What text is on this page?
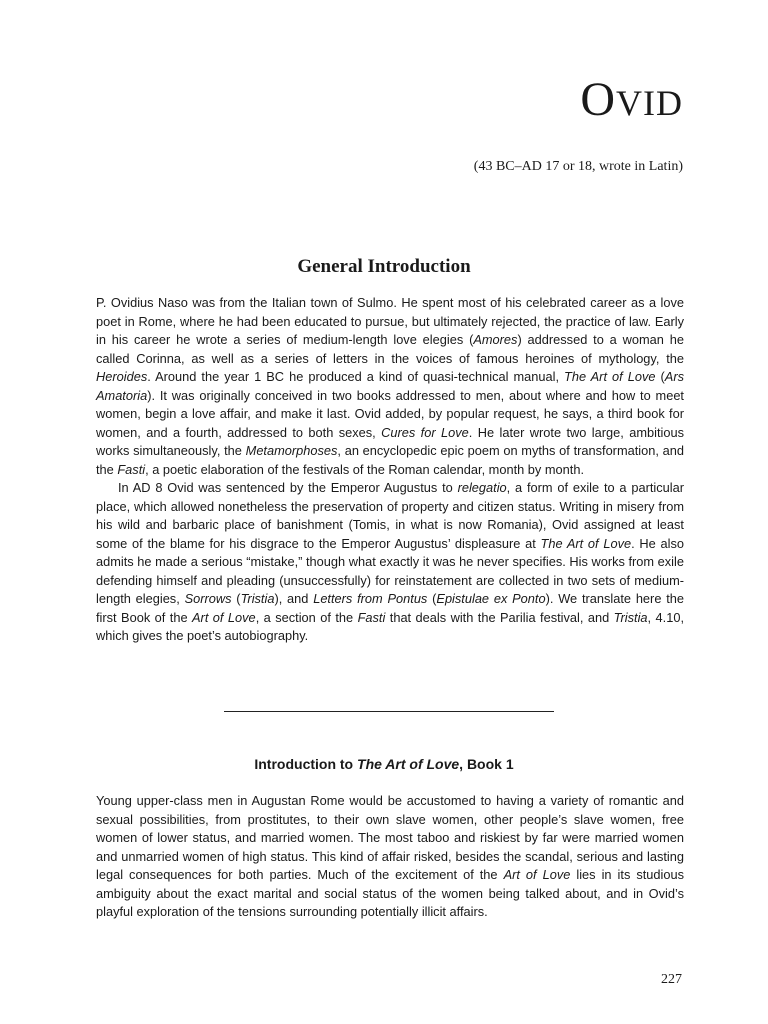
OVID

(43 BC–AD 17 or 18, wrote in Latin)

General Introduction

P. Ovidius Naso was from the Italian town of Sulmo. He spent most of his celebrated career as a love poet in Rome, where he had been educated to pursue, but ultimately rejected, the practice of law. Early in his career he wrote a series of medium-length love elegies (Amores) addressed to a woman he called Corinna, as well as a series of letters in the voices of famous heroines of mythology, the Heroides. Around the year 1 BC he produced a kind of quasi-technical manual, The Art of Love (Ars Amatoria). It was originally conceived in two books addressed to men, about where and how to meet women, begin a love affair, and make it last. Ovid added, by popular request, he says, a third book for women, and a fourth, addressed to both sexes, Cures for Love. He later wrote two large, ambitious works simultaneously, the Metamorphoses, an encyclopedic epic poem on myths of transformation, and the Fasti, a poetic elaboration of the festivals of the Roman calendar, month by month.

In AD 8 Ovid was sentenced by the Emperor Augustus to relegatio, a form of exile to a particular place, which allowed nonetheless the preservation of property and citizen status. Writing in misery from his wild and barbaric place of banishment (Tomis, in what is now Romania), Ovid assigned at least some of the blame for his disgrace to the Emperor Augustus’ displeasure at The Art of Love. He also admits he made a serious “mistake,” though what exactly it was he never specifies. His works from exile defending himself and pleading (unsuccessfully) for reinstatement are collected in two sets of medium-length elegies, Sorrows (Tristia), and Letters from Pontus (Epistulae ex Ponto). We translate here the first Book of the Art of Love, a section of the Fasti that deals with the Parilia festival, and Tristia, 4.10, which gives the poet’s autobiography.

Introduction to The Art of Love, Book 1

Young upper-class men in Augustan Rome would be accustomed to having a variety of romantic and sexual possibilities, from prostitutes, to their own slave women, other people’s slave women, free women of lower status, and married women. The most taboo and riskiest by far were married women and unmarried women of high status. This kind of affair risked, besides the scandal, serious and lasting legal consequences for both parties. Much of the excitement of the Art of Love lies in its studious ambiguity about the exact marital and social status of the women being talked about, and in Ovid’s playful exploration of the tensions surrounding potentially illicit affairs.

227
